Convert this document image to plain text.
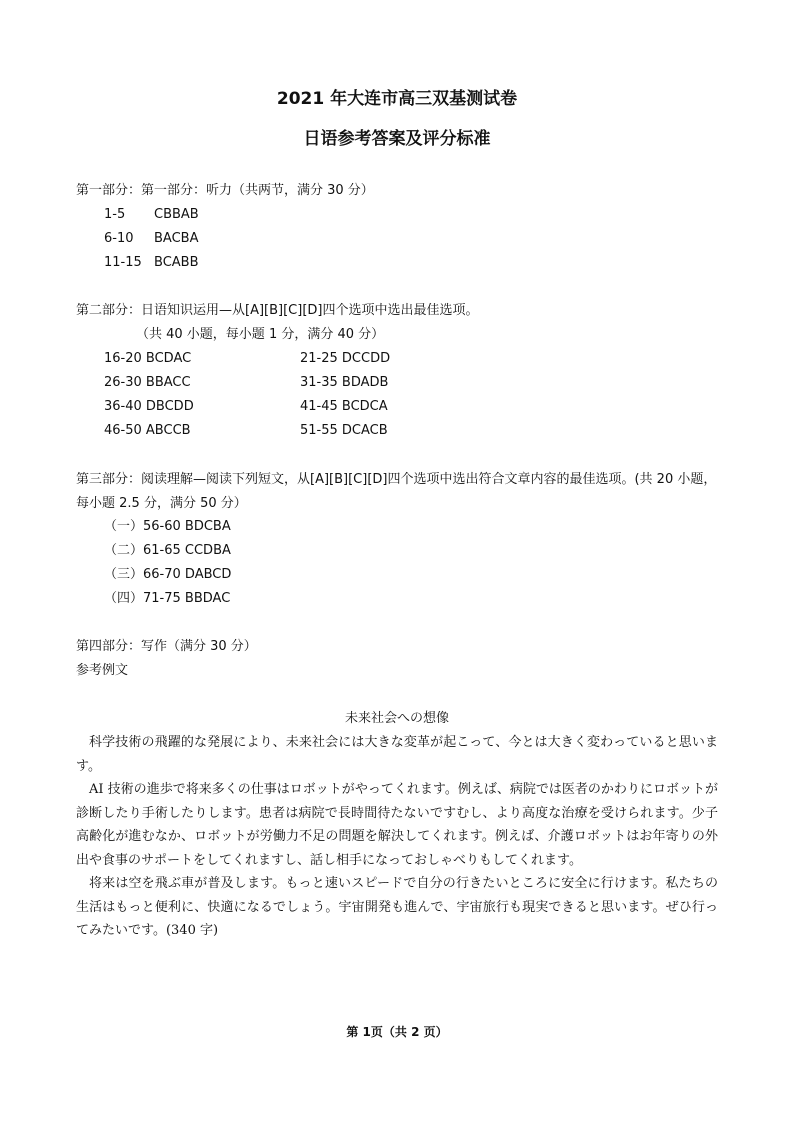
2021 年大连市高三双基测试卷
日语参考答案及评分标准
第一部分：第一部分：听力（共两节，满分 30 分）
1-5 CBBAB
6-10 BACBA
11-15 BCABB
第二部分：日语知识运用—从[A][B][C][D]四个选项中选出最佳选项。
（共 40 小题，每小题 1 分，满分 40 分）
16-20 BCDAC	21-25 DCCDD
26-30 BBACC	31-35 BDADB
36-40 DBCDD	41-45 BCDCA
46-50 ABCCB	51-55 DCACB
第三部分：阅读理解—阅读下列短文，从[A][B][C][D]四个选项中选出符合文章内容的最佳选项。(共 20 小题，每小题 2.5 分，满分 50 分）
（一）56-60 BDCBA
（二）61-65 CCDBA
（三）66-70 DABCD
（四）71-75 BBDAC
第四部分：写作（满分 30 分）
参考例文
未来社会への想像

科学技術の飛躍的な発展により、未来社会には大きな変革が起こって、今とは大きく変わっていると思います。

AI 技術の進歩で将来多くの仕事はロボットがやってくれます。例えば、病院では医者のかわりにロボットが診断したり手術したりします。患者は病院で長時間待たないですむし、より高度な治療を受けられます。少子高齢化が進むなか、ロボットが労働力不足の問題を解決してくれます。例えば、介護ロボットはお年寄りの外出や食事のサポートをしてくれますし、話し相手になっておしゃべりもしてくれます。

将来は空を飛ぶ車が普及します。もっと速いスピードで自分の行きたいところに安全に行けます。私たちの生活はもっと便利に、快適になるでしょう。宇宙開発も進んで、宇宙旅行も現実できると思います。ぜひ行ってみたいです。(340 字)

第 1页（共 2 页）
